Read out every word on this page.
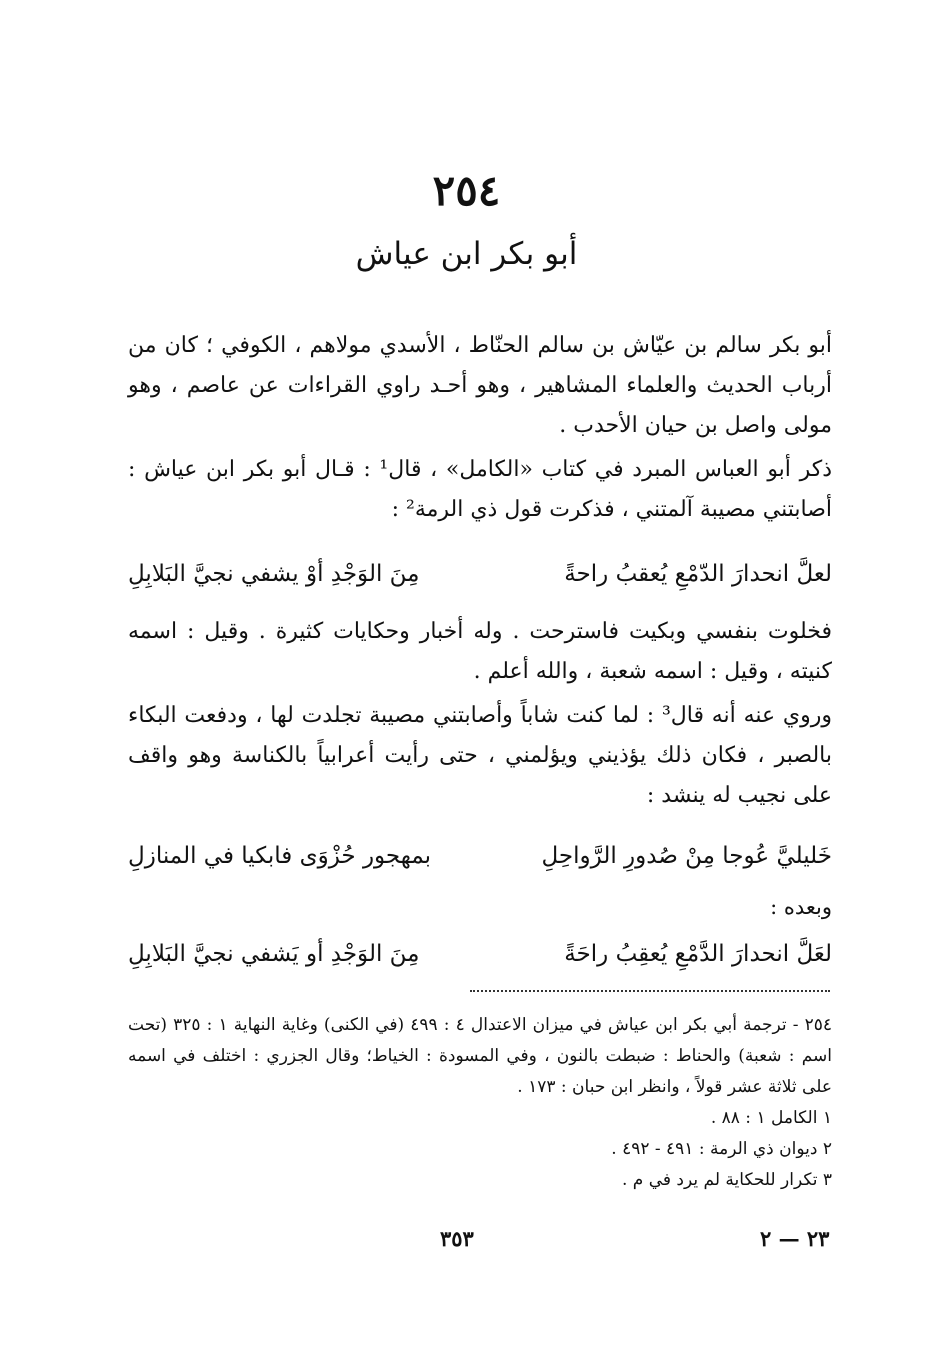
٢٥٤
أبو بكر ابن عياش

أبو بكر سالم بن عيّاش بن سالم الحنّاط ، الأسدي مولاهم ، الكوفي ؛ كان من أرباب الحديث والعلماء المشاهير ، وهو أحـد راوي القراءات عن عاصم ، وهو مولى واصل بن حيان الأحدب .

ذكر أبو العباس المبرد في كتاب «الكامل» ، قال¹ : قـال أبو بكر ابن عياش : أصابتني مصيبة آلمتني ، فذكرت قول ذي الرمة² :

لعلَّ انحدارَ الدّمْعِ يُعقبُ راحةً
مِنَ الوَجْدِ أوْ يشفي نجيَّ البَلابِلِ

فخلوت بنفسي وبكيت فاسترحت . وله أخبار وحكايات كثيرة . وقيل : اسمه كنيته ، وقيل : اسمه شعبة ، والله أعلم .

وروي عنه أنه قال³ : لما كنت شاباً وأصابتني مصيبة تجلدت لها ، ودفعت البكاء بالصبر ، فكان ذلك يؤذيني ويؤلمني ، حتى رأيت أعرابياً بالكناسة وهو واقف على نجيب له ينشد :

خَليليَّ عُوجا مِنْ صُدورِ الرَّواحِلِ
بمهجور حُزْوَى فابكيا في المنازلِ
وبعده :
لعَلَّ انحدارَ الدَّمْعِ يُعقِبُ راحَةً
مِنَ الوَجْدِ أو يَشفي نجيَّ البَلابِلِ

٢٥٤ - ترجمة أبي بكر ابن عياش في ميزان الاعتدال ٤ : ٤٩٩ (في الكنى) وغاية النهاية ١ : ٣٢٥ (تحت اسم : شعبة) والحناط : ضبطت بالنون ، وفي المسودة : الخياط؛ وقال الجزري : اختلف في اسمه على ثلاثة عشر قولاً ، وانظر ابن حبان : ١٧٣ .

١ الكامل ١ : ٨٨ .

٢ ديوان ذي الرمة : ٤٩١ - ٤٩٢ .

٣ تكرار للحكاية لم يرد في م .

٣٥٣	٢٣ — ٢
